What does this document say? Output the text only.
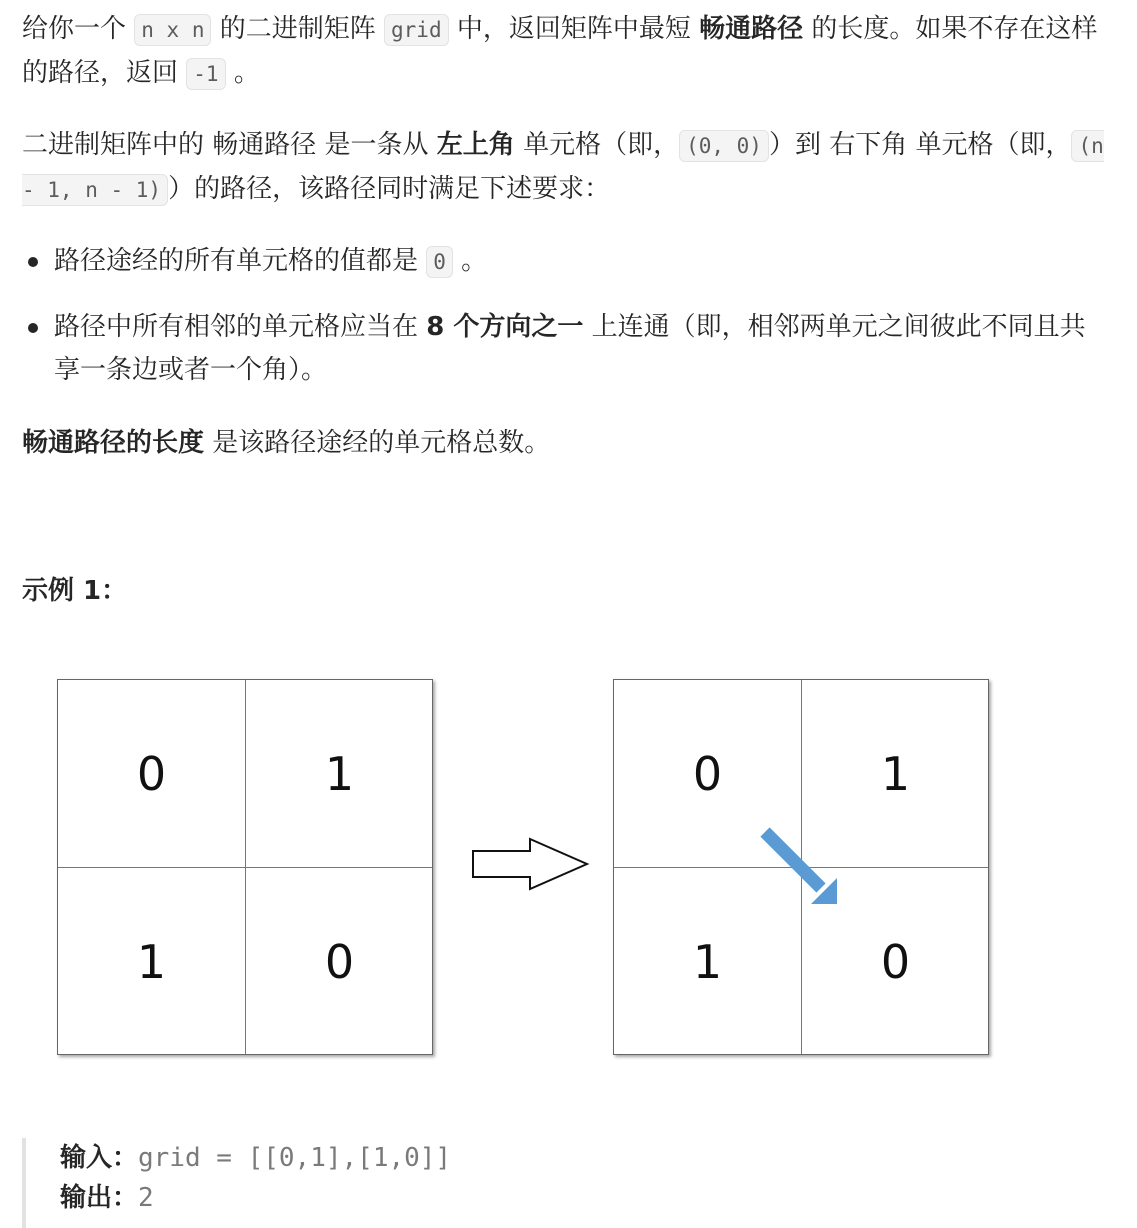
给你一个 n x n 的二进制矩阵 grid 中，返回矩阵中最短 畅通路径 的长度。如果不存在这样的路径，返回 -1 。

二进制矩阵中的 畅通路径 是一条从 左上角 单元格（即， (0, 0) ）到 右下角 单元格（即， (n - 1, n - 1) ）的路径，该路径同时满足下述要求：

路径途经的所有单元格的值都是 0 。
路径中所有相邻的单元格应当在 8 个方向之一 上连通（即，相邻两单元之间彼此不同且共享一条边或者一个角）。

畅通路径的长度 是该路径途经的单元格总数。

示例 1：

0	1
1	0
0	1
1	0
输入：grid = [[0,1],[1,0]]
输出：2
